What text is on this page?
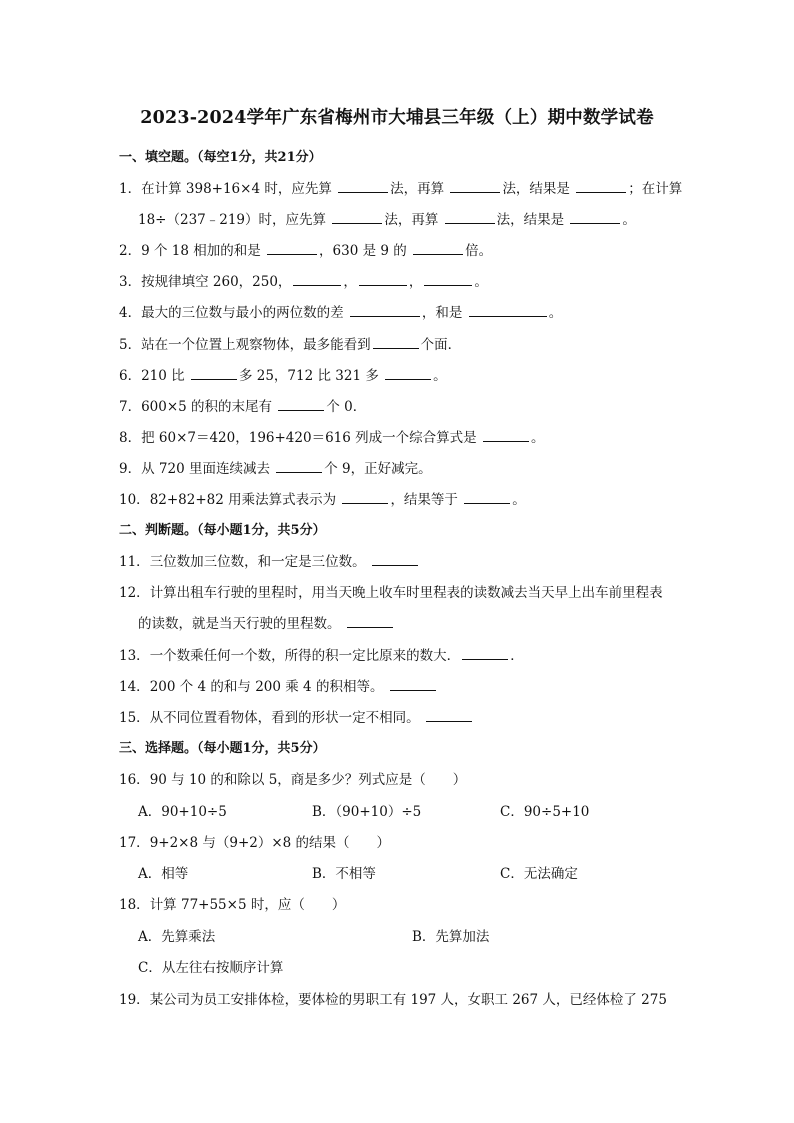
2023-2024学年广东省梅州市大埔县三年级（上）期中数学试卷
一、填空题。（每空1分，共21分）
1．在计算 398+16×4 时，应先算	法，再算	法，结果是	；在计算
18÷（237﹣219）时，应先算	法，再算	法，结果是	。
2．9 个 18 相加的和是	，630 是 9 的	倍。
3．按规律填空 260，250，	，	，	。
4．最大的三位数与最小的两位数的差	，和是	。
5．站在一个位置上观察物体，最多能看到	个面．
6．210 比	多 25，712 比 321 多	。
7．600×5 的积的末尾有	个 0．
8．把 60×7＝420，196+420＝616 列成一个综合算式是	。
9．从 720 里面连续减去	个 9，正好减完。
10．82+82+82 用乘法算式表示为	，结果等于	。
二、判断题。（每小题1分，共5分）
11．三位数加三位数，和一定是三位数。
12．计算出租车行驶的里程时，用当天晚上收车时里程表的读数减去当天早上出车前里程表
的读数，就是当天行驶的里程数。
13．一个数乘任何一个数，所得的积一定比原来的数大．	．
14．200 个 4 的和与 200 乘 4 的积相等。
15．从不同位置看物体，看到的形状一定不相同。
三、选择题。（每小题1分，共5分）
16．90 与 10 的和除以 5，商是多少？列式应是（　　）
A．90+10÷5	B．（90+10）÷5	C．90÷5+10
17．9+2×8 与（9+2）×8 的结果（　　）
A．相等	B．不相等	C．无法确定
18．计算 77+55×5 时，应（　　）
A．先算乘法	B．先算加法
C．从左往右按顺序计算
19．某公司为员工安排体检，要体检的男职工有 197 人，女职工 267 人，已经体检了 275
